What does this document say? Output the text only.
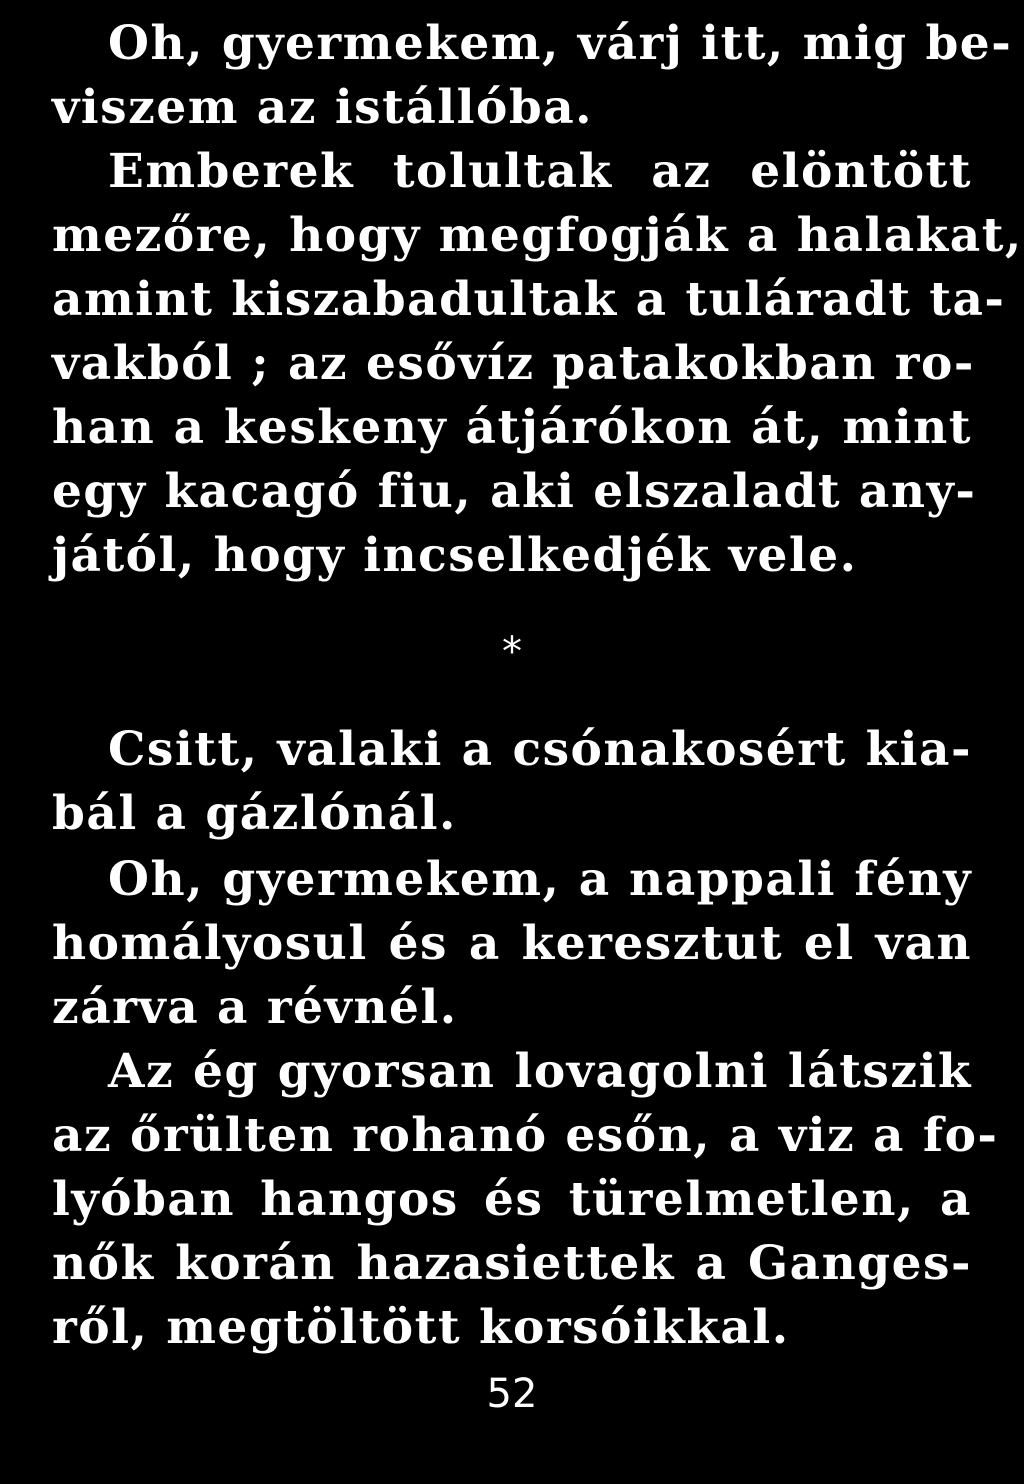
Oh, gyermekem, várj itt, mig be-
viszem az istállóba.
Emberek tolultak az elöntött
mezőre, hogy megfogják a halakat,
amint kiszabadultak a tuláradt ta-
vakból ; az esővíz patakokban ro-
han a keskeny átjárókon át, mint
egy kacagó fiu, aki elszaladt any-
jától, hogy incselkedjék vele.
*
Csitt, valaki a csónakosért kia-
bál a gázlónál.
Oh, gyermekem, a nappali fény
homályosul és a keresztut el van
zárva a révnél.
Az ég gyorsan lovagolni látszik
az őrülten rohanó esőn, a viz a fo-
lyóban hangos és türelmetlen, a
nők korán hazasiettek a Ganges-
ről, megtöltött korsóikkal.
52
